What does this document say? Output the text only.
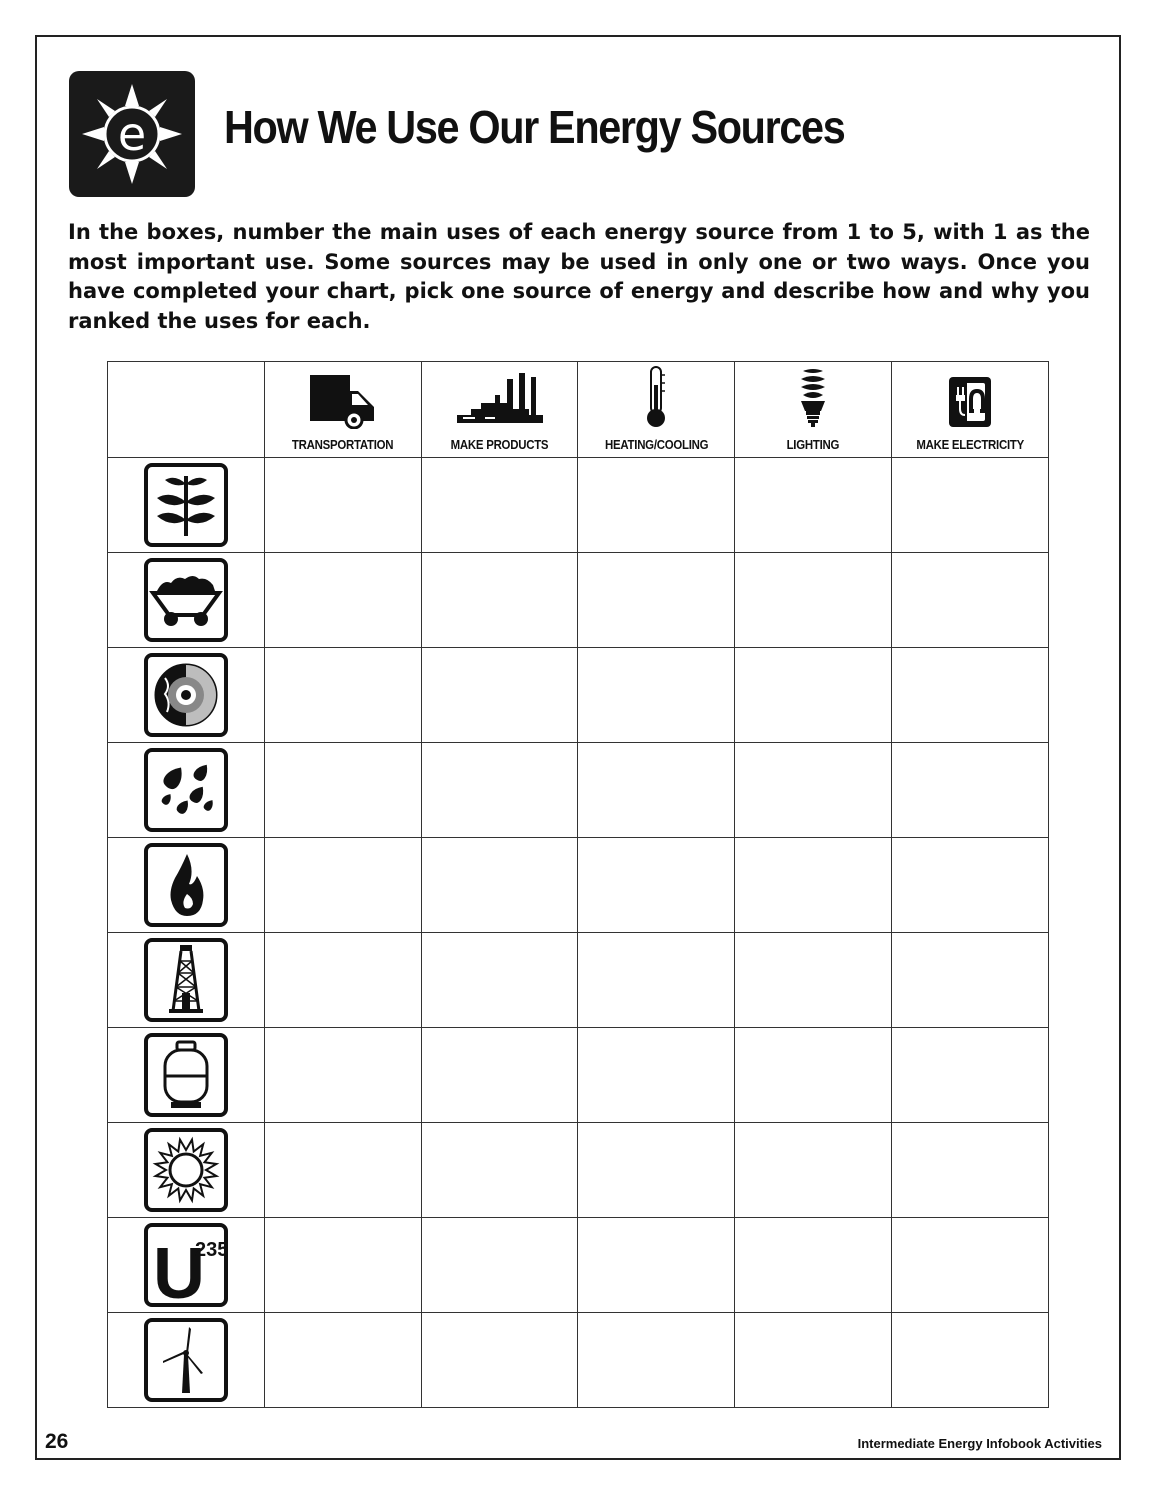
e How We Use Our Energy Sources

In the boxes, number the main uses of each energy source from 1 to 5, with 1 as the most important use. Some sources may be used in only one or two ways. Once you have completed your chart, pick one source of energy and describe how and why you ranked the uses for each.

	TRANSPORTATION	MAKE PRODUCTS	HEATING/COOLING	LIGHTING	MAKE ELECTRICITY

U
235					

26	Intermediate Energy Infobook Activities
